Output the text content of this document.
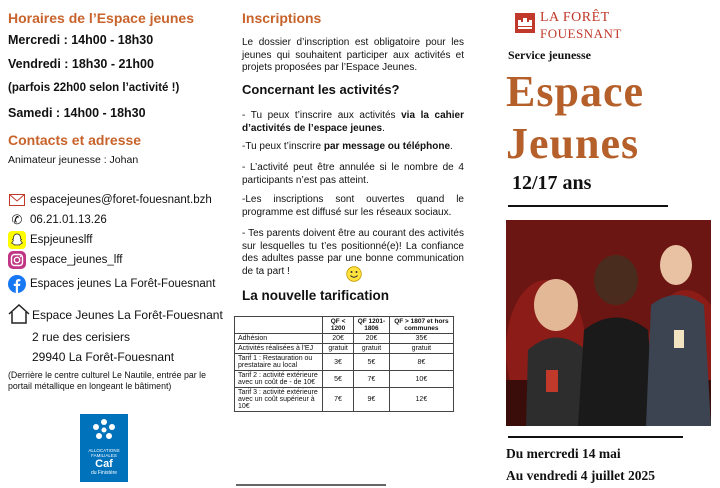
Horaires de l’Espace jeunes
Mercredi : 14h00 - 18h30
Vendredi : 18h30 - 21h00
(parfois 22h00 selon l’activité !)
Samedi : 14h00 - 18h30
Contacts et adresse
Animateur jeunesse : Johan
espacejeunes@foret-fouesnant.bzh
✆ 06.21.01.13.26
Espjeuneslff
espace_jeunes_lff
Espaces jeunes La Forêt-Fouesnant
Espace Jeunes La Forêt-Fouesnant
2 rue des cerisiers
29940 La Forêt-Fouesnant
(Derrière le centre culturel Le Nautile, entrée par le portail métallique en longeant le bâtiment)
ALLOCATIONS FAMILIALES
Caf
du Finistère
Inscriptions
Le dossier d’inscription est obligatoire pour les jeunes qui souhaitent participer aux activités et projets proposées par l’Espace Jeunes.
Concernant les activités?
- Tu peux t’inscrire aux activités via la cahier d’activités de l’espace jeunes.
-Tu peux t’inscrire par message ou téléphone.
- L’activité peut être annulée si le nombre de 4 participants n’est pas atteint.
-Les inscriptions sont ouvertes quand le programme est diffusé sur les réseaux sociaux.
- Tes parents doivent être au courant des activités sur lesquelles tu t’es positionné(e)! La confiance des adultes passe par une bonne communication de ta part !
La nouvelle tarification
	QF < 1200	QF 1201-1806	QF > 1807 et hors communes
Adhésion	20€	20€	35€
Activités réalisées à l’EJ	gratuit	gratuit	gratuit
Tarif 1 : Restauration ou prestataire au local	3€	5€	8€
Tarif 2 : activité extérieure avec un coût de - de 10€	5€	7€	10€
Tarif 3 : activité extérieure avec un coût supérieur à 10€	7€	9€	12€
LA FORÊT
FOUESNANT
Service jeunesse
Espace
Jeunes
12/17 ans
Du mercredi 14 mai
Au vendredi 4 juillet 2025
